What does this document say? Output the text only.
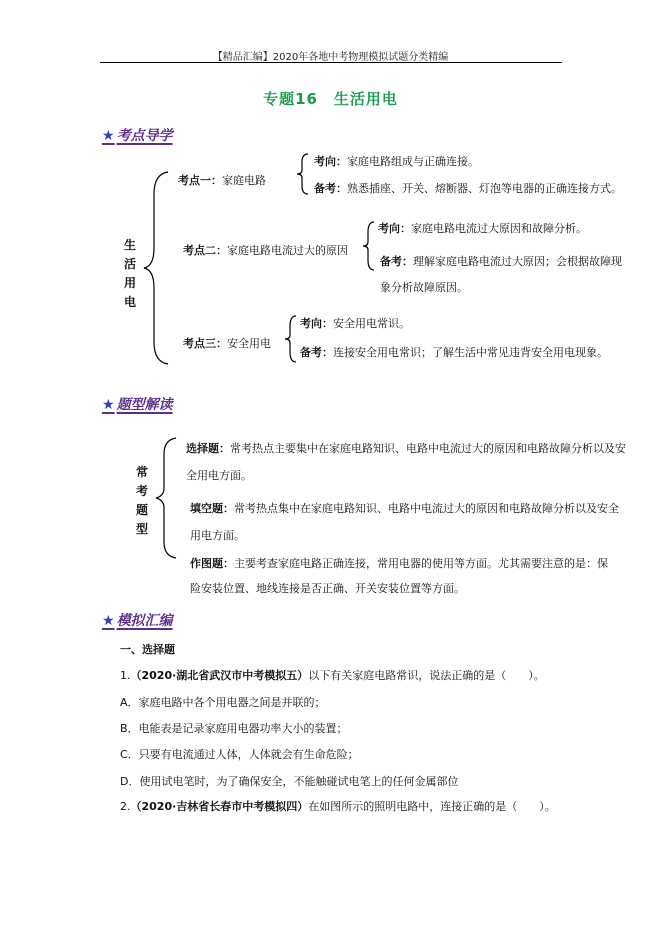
【精品汇编】2020年各地中考物理模拟试题分类精编
专题16　生活用电
★ 考点导学
生
活
用
电
考点一：家庭电路
考向：家庭电路组成与正确连接。
备考：熟悉插座、开关、熔断器、灯泡等电器的正确连接方式。
考点二：家庭电路电流过大的原因
考向：家庭电路电流过大原因和故障分析。
备考：理解家庭电路电流过大原因；会根据故障现
象分析故障原因。
考点三：安全用电
考向：安全用电常识。
备考：连接安全用电常识；了解生活中常见违背安全用电现象。
★ 题型解读
常
考
题
型
选择题：常考热点主要集中在家庭电路知识、电路中电流过大的原因和电路故障分析以及安
全用电方面。
填空题：常考热点集中在家庭电路知识、电路中电流过大的原因和电路故障分析以及安全
用电方面。
作图题：主要考查家庭电路正确连接，常用电器的使用等方面。尤其需要注意的是：保
险安装位置、地线连接是否正确、开关安装位置等方面。
★ 模拟汇编
一、选择题
1.（2020·湖北省武汉市中考模拟五）以下有关家庭电路常识，说法正确的是（　　）。
A．家庭电路中各个用电器之间是并联的；
B．电能表是记录家庭用电器功率大小的装置；
C．只要有电流通过人体，人体就会有生命危险；
D．使用试电笔时，为了确保安全，不能触碰试电笔上的任何金属部位
2.（2020·吉林省长春市中考模拟四）在如图所示的照明电路中，连接正确的是（　　）。
